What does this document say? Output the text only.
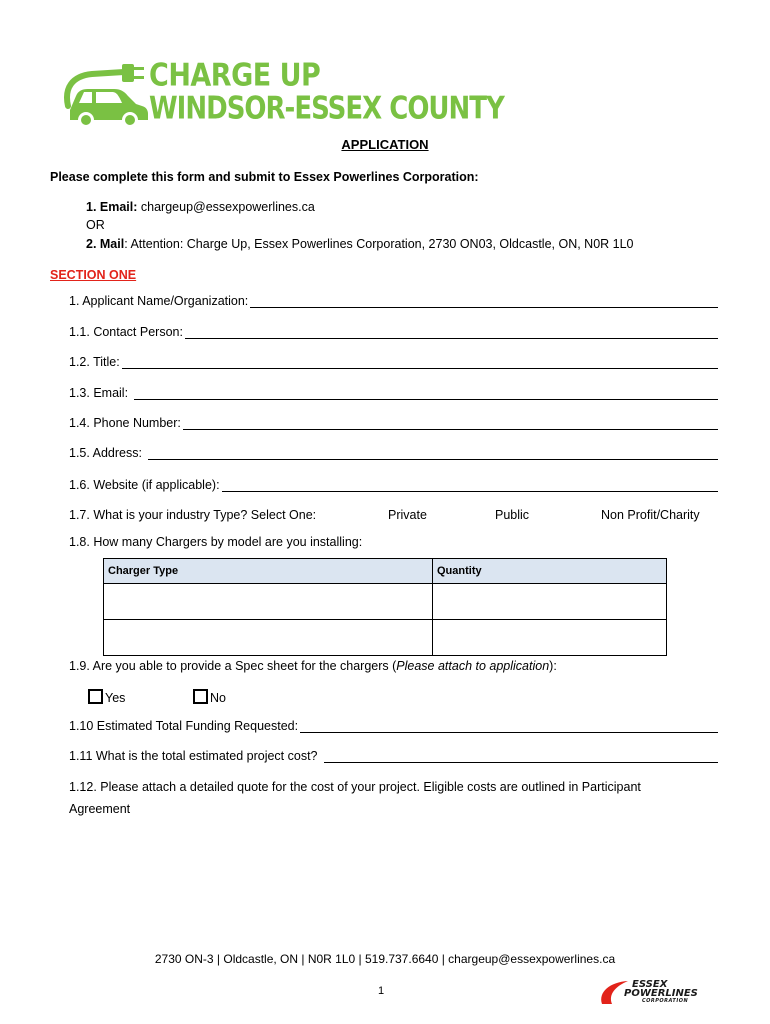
CHARGE UP
WINDSOR-ESSEX COUNTY
APPLICATION
Please complete this form and submit to Essex Powerlines Corporation:
1. Email: chargeup@essexpowerlines.ca
OR
2. Mail: Attention: Charge Up, Essex Powerlines Corporation, 2730 ON03, Oldcastle, ON, N0R 1L0
SECTION ONE
1. Applicant Name/Organization:
1.1. Contact Person:
1.2. Title:
1.3. Email:
1.4. Phone Number:
1.5. Address:
1.6. Website (if applicable):
1.7. What is your industry Type? Select One:	Private	Public	Non Profit/Charity
1.8. How many Chargers by model are you installing:
Charger Type	Quantity

1.9. Are you able to provide a Spec sheet for the chargers (Please attach to application):
Yes	No
1.10 Estimated Total Funding Requested:
1.11 What is the total estimated project cost?
1.12. Please attach a detailed quote for the cost of your project. Eligible costs are outlined in Participant
Agreement
2730 ON-3 | Oldcastle, ON | N0R 1L0 | 519.737.6640 | chargeup@essexpowerlines.ca
1
ESSEX
POWERLINES
CORPORATION
